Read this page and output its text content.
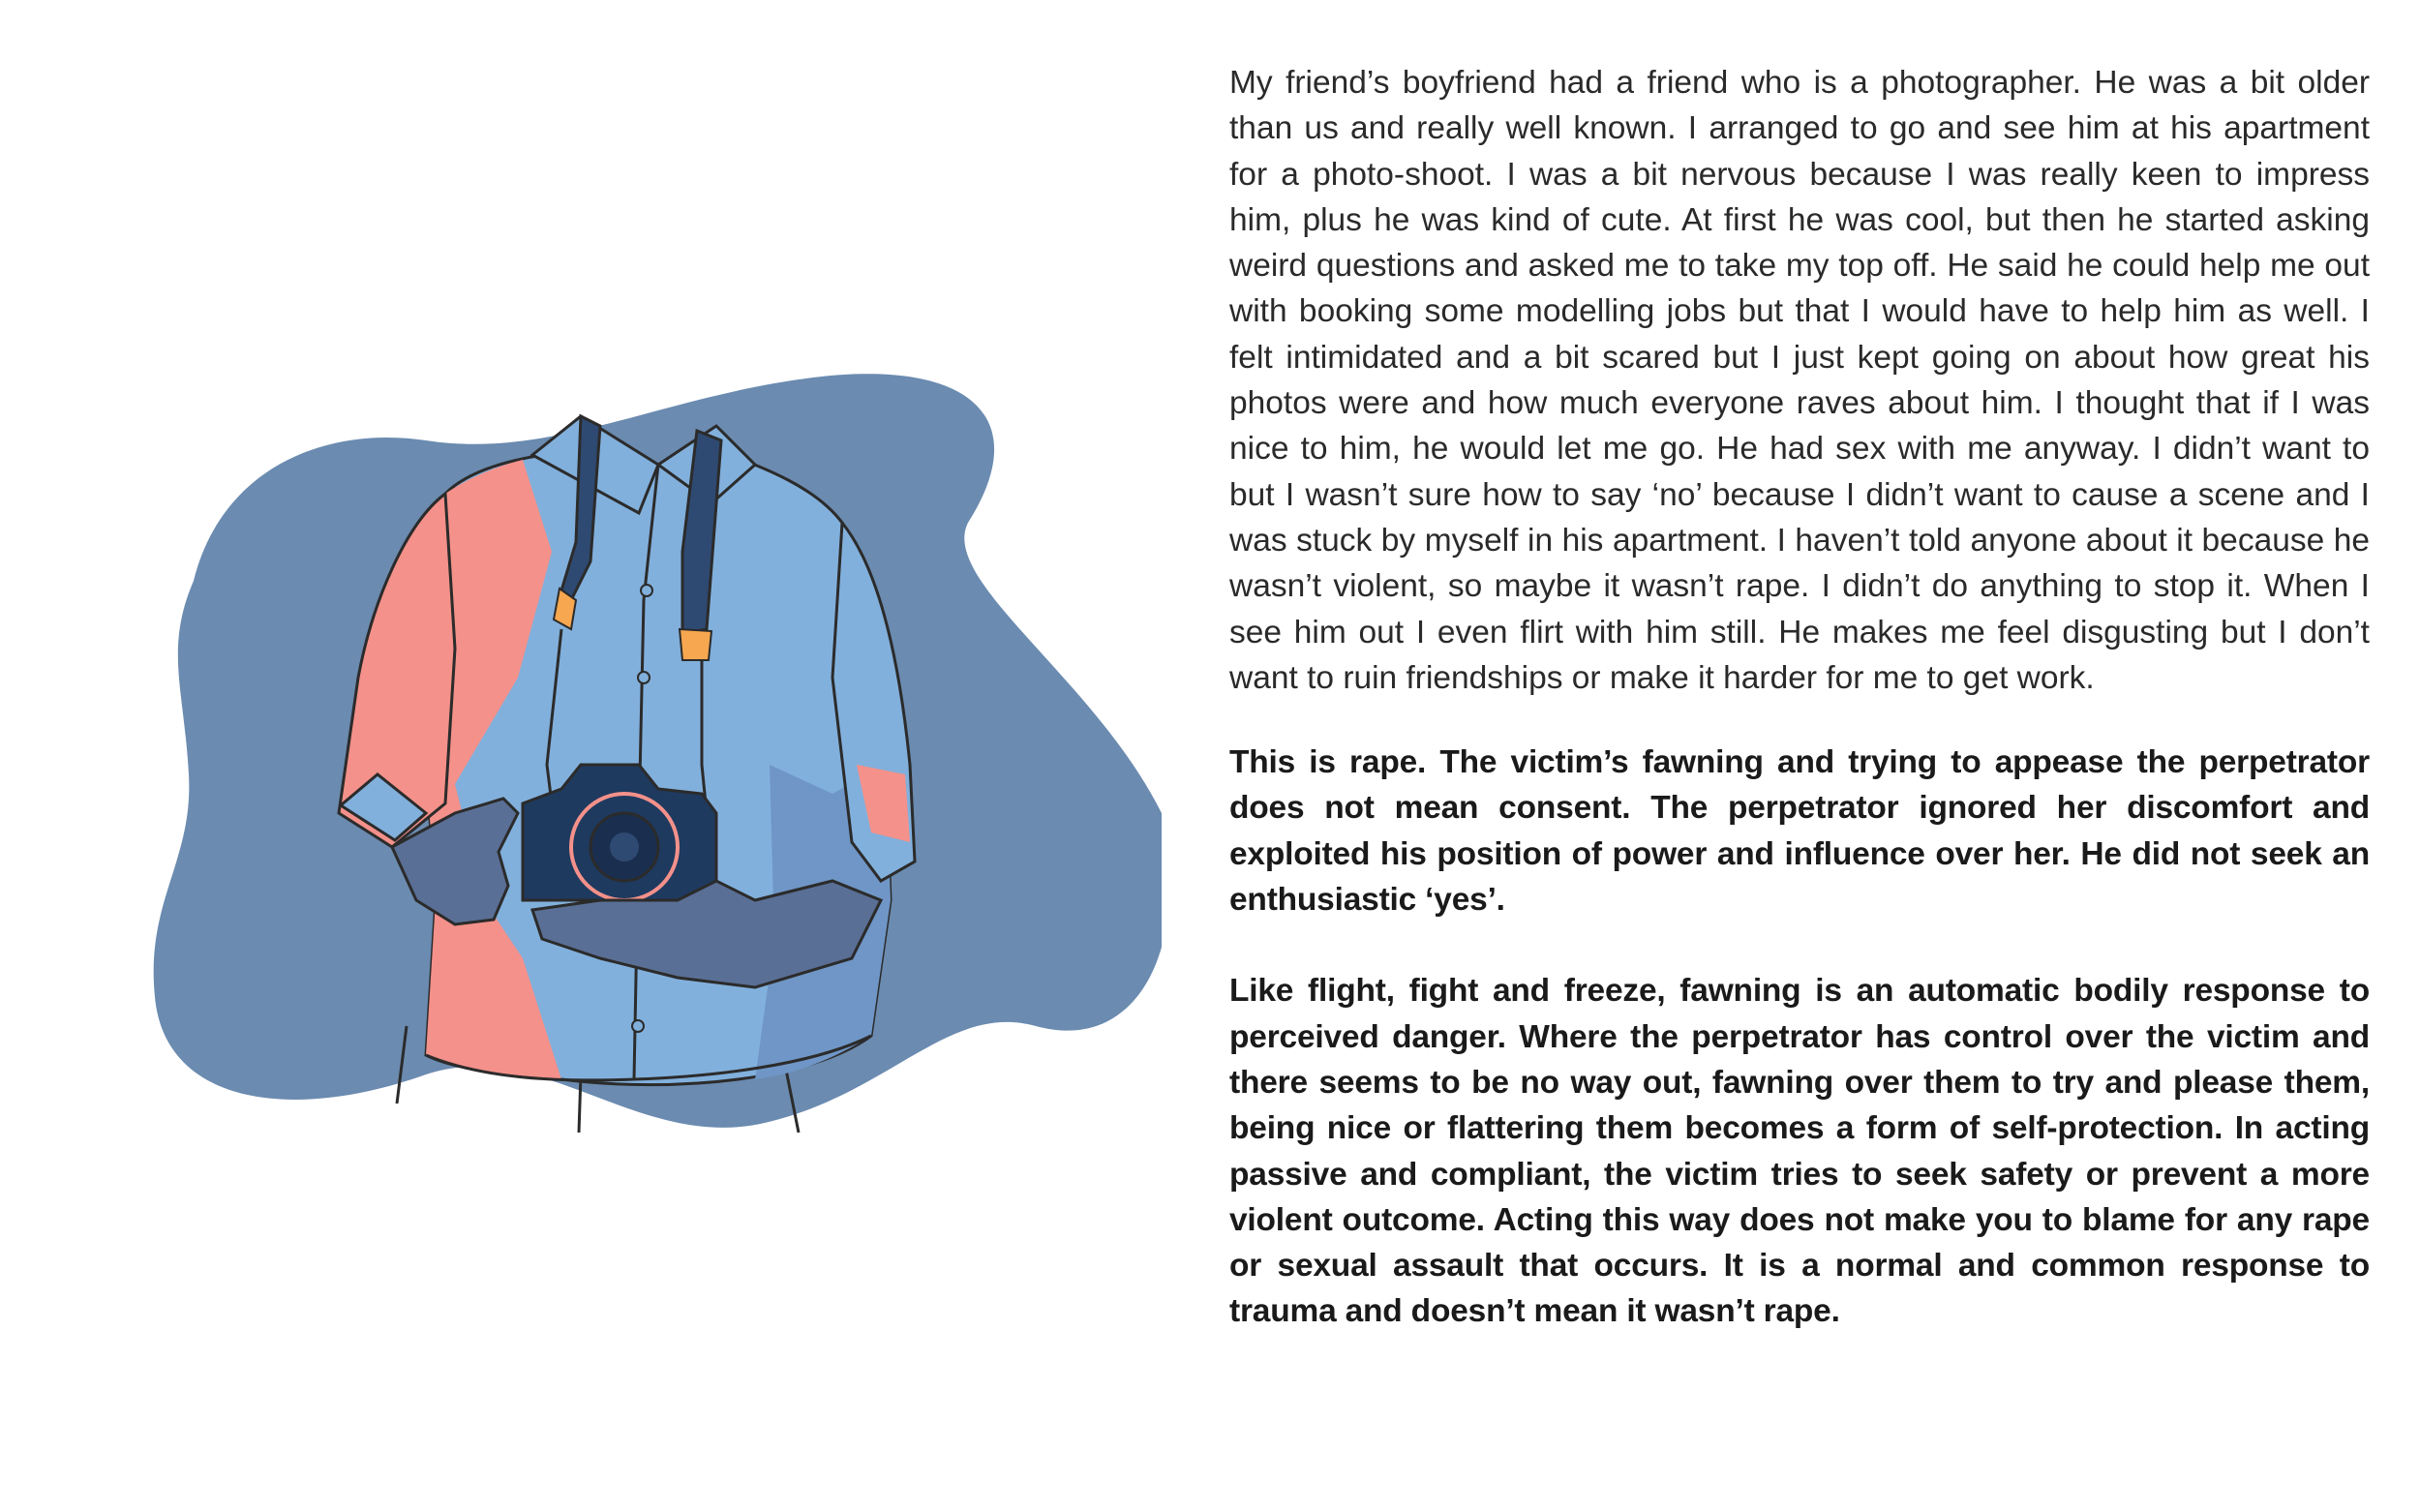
My friend’s boyfriend had a friend who is a photographer. He was a bit older than us and really well known. I arranged to go and see him at his apartment for a photo-shoot. I was a bit nervous because I was really keen to impress him, plus he was kind of cute. At first he was cool, but then he started asking weird questions and asked me to take my top off. He said he could help me out with booking some modelling jobs but that I would have to help him as well. I felt intimidated and a bit scared but I just kept going on about how great his photos were and how much everyone raves about him. I thought that if I was nice to him, he would let me go. He had sex with me anyway. I didn’t want to but I wasn’t sure how to say ‘no’ because I didn’t want to cause a scene and I was stuck by myself in his apartment. I haven’t told anyone about it because he wasn’t violent, so maybe it wasn’t rape. I didn’t do anything to stop it. When I see him out I even flirt with him still. He makes me feel disgusting but I don’t want to ruin friendships or make it harder for me to get work.

This is rape. The victim’s fawning and trying to appease the perpetrator does not mean consent. The perpetrator ignored her discomfort and exploited his position of power and influence over her. He did not seek an enthusiastic ‘yes’.

Like flight, fight and freeze, fawning is an automatic bodily response to perceived danger. Where the perpetrator has control over the victim and there seems to be no way out, fawning over them to try and please them, being nice or flattering them becomes a form of self-protection. In acting passive and compliant, the victim tries to seek safety or prevent a more violent outcome. Acting this way does not make you to blame for any rape or sexual assault that occurs. It is a normal and common response to trauma and doesn’t mean it wasn’t rape.
